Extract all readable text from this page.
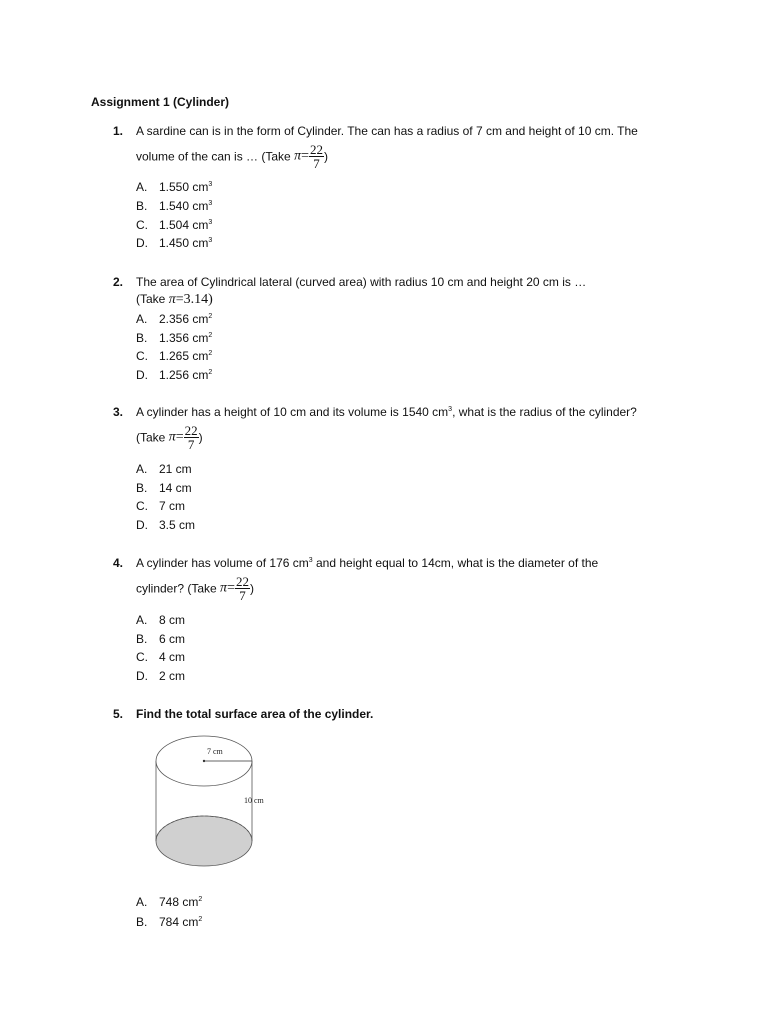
Assignment 1 (Cylinder)
1. A sardine can is in the form of Cylinder. The can has a radius of 7 cm and height of 10 cm. The
volume of the can is … (Take $\pi= \frac{22}{7}$ )
A. 1.550 $cm^3$
B. 1.540 $cm^3$
C. 1.504 $cm^3$
D. 1.450 $cm^3$
2. The area of Cylindrical lateral (curved area) with radius 10 cm and height 20 cm is …
(Take π=3.14)
A. 2.356 $cm^2$
B. 1.356 $cm^2$
C. 1.265 $cm^2$
D. 1.256 $cm^2$
3. A cylinder has a height of 10 cm and its volume is 1540 $cm^3$, what is the radius of the cylinder?
(Take $\pi= \frac{22}{7}$ )
A. 21 cm
B. 14 cm
C. 7 cm
D. 3.5 cm
4. A cylinder has volume of 176 $cm^3$ and height equal to 14cm, what is the diameter of the
cylinder? (Take $\pi= \frac{22}{7}$ )
A. 8 cm
B. 6 cm
C. 4 cm
D. 2 cm
5. Find the total surface area of the cylinder.
7 cm
10 cm
A. 748 $cm^2$
B. 784 $cm^2$
